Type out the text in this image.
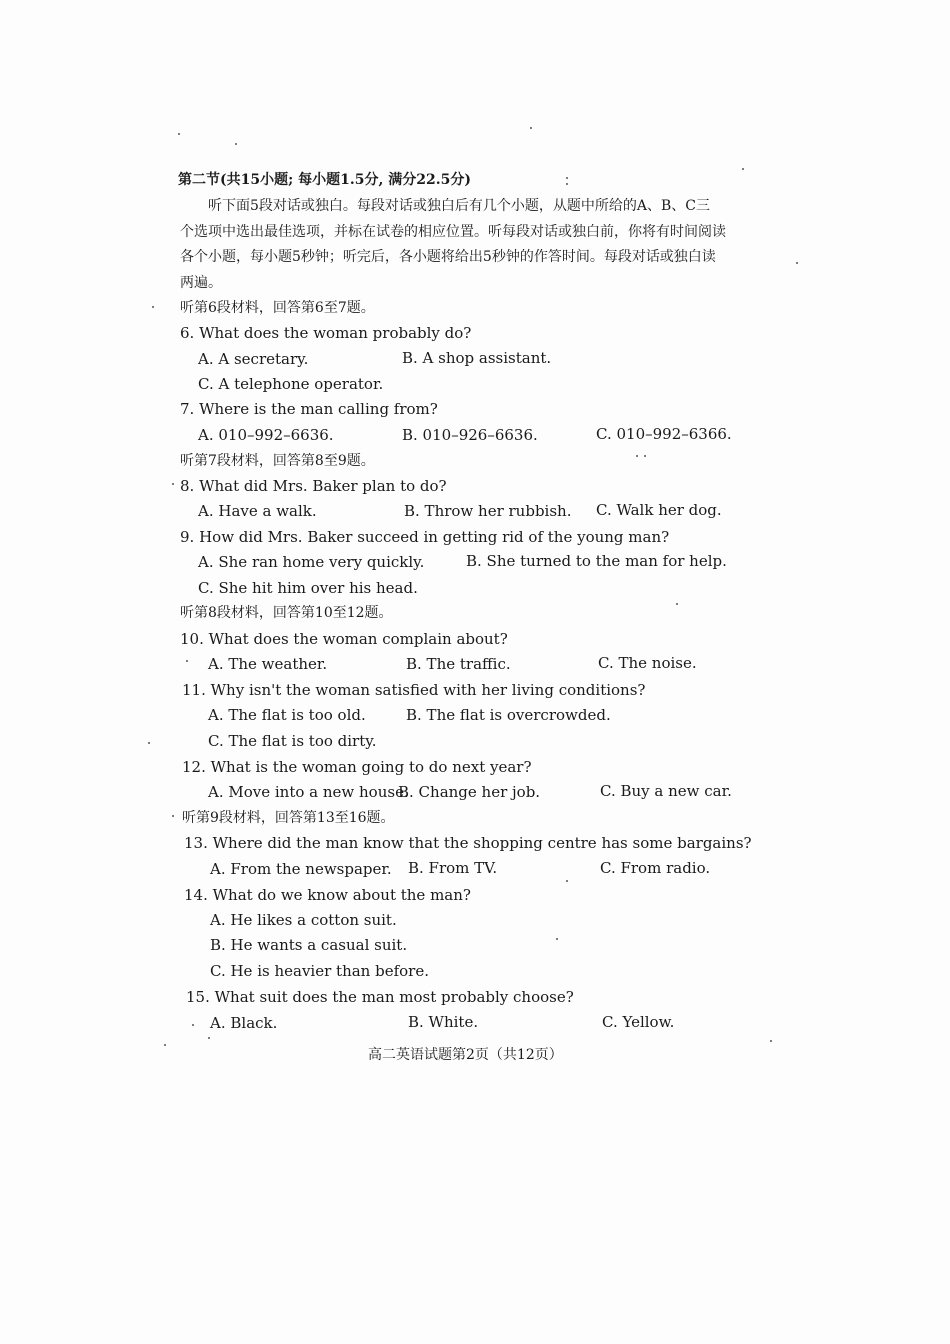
第二节(共15小题; 每小题1.5分, 满分22.5分)
听下面5段对话或独白。每段对话或独白后有几个小题，从题中所给的A、B、C三
个选项中选出最佳选项，并标在试卷的相应位置。听每段对话或独白前，你将有时间阅读
各个小题，每小题5秒钟；听完后，各小题将给出5秒钟的作答时间。每段对话或独白读
两遍。
听第6段材料，回答第6至7题。
6. What does the woman probably do?
A. A secretary.	B. A shop assistant.
C. A telephone operator.
7. Where is the man calling from?
A. 010–992–6636.	B. 010–926–6636.	C. 010–992–6366.
听第7段材料，回答第8至9题。
8. What did Mrs. Baker plan to do?
A. Have a walk.	B. Throw her rubbish. C. Walk her dog.
9. How did Mrs. Baker succeed in getting rid of the young man?
A. She ran home very quickly.	B. She turned to the man for help.
C. She hit him over his head.
听第8段材料，回答第10至12题。
10. What does the woman complain about?
A. The weather.	B. The traffic.	C. The noise.
11. Why isn't the woman satisfied with her living conditions?
A. The flat is too old.	B. The flat is overcrowded.
C. The flat is too dirty.
12. What is the woman going to do next year?
A. Move into a new house.
B. Change her job.	C. Buy a new car.
听第9段材料，回答第13至16题。
13. Where did the man know that the shopping centre has some bargains?
A. From the newspaper. B. From TV.	C. From radio.
14. What do we know about the man?
A. He likes a cotton suit.
B. He wants a casual suit.
C. He is heavier than before.
15. What suit does the man most probably choose?
A. Black.	B. White.	C. Yellow.
高二英语试题第2页（共12页）
